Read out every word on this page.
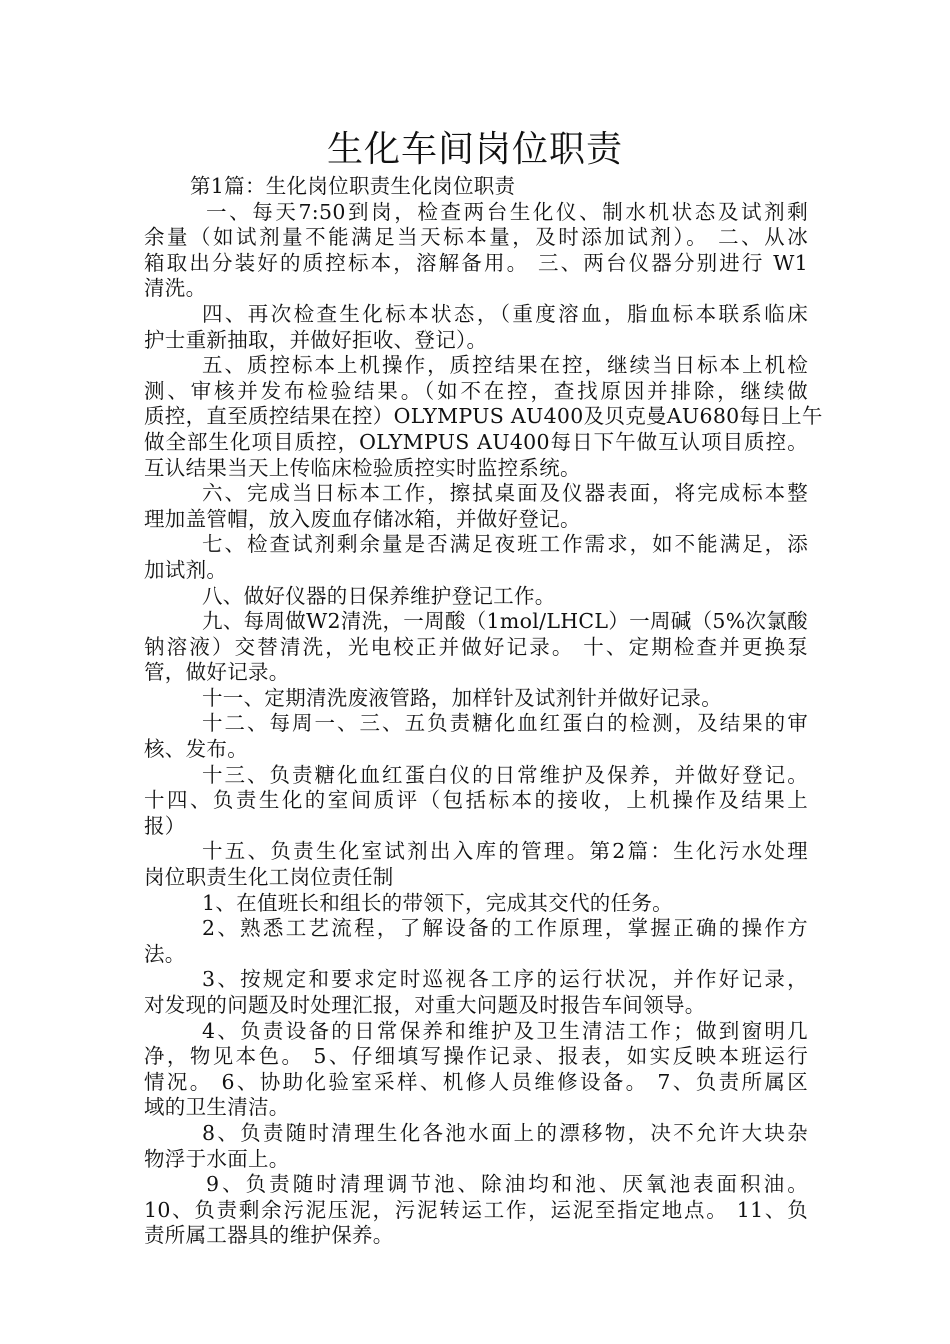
生化车间岗位职责
第1篇：生化岗位职责生化岗位职责
一、每天7:50到岗，检查两台生化仪、制水机状态及试剂剩
余量（如试剂量不能满足当天标本量，及时添加试剂）。 二、从冰
箱取出分装好的质控标本，溶解备用。 三、两台仪器分别进行 W1
清洗。
四、再次检查生化标本状态，（重度溶血，脂血标本联系临床
护士重新抽取，并做好拒收、登记）。
五、质控标本上机操作，质控结果在控，继续当日标本上机检
测、审核并发布检验结果。（如不在控，查找原因并排除，继续做
质控，直至质控结果在控）OLYMPUS AU400及贝克曼AU680每日上午
做全部生化项目质控，OLYMPUS AU400每日下午做互认项目质控。
互认结果当天上传临床检验质控实时监控系统。
六、完成当日标本工作，擦拭桌面及仪器表面，将完成标本整
理加盖管帽，放入废血存储冰箱，并做好登记。
七、检查试剂剩余量是否满足夜班工作需求，如不能满足，添
加试剂。
八、做好仪器的日保养维护登记工作。
九、每周做W2清洗，一周酸（1mol/LHCL）一周碱（5%次氯酸
钠溶液）交替清洗，光电校正并做好记录。 十、定期检查并更换泵
管，做好记录。
十一、定期清洗废液管路，加样针及试剂针并做好记录。
十二、每周一、三、五负责糖化血红蛋白的检测，及结果的审
核、发布。
十三、负责糖化血红蛋白仪的日常维护及保养，并做好登记。
十四、负责生化的室间质评（包括标本的接收，上机操作及结果上
报）
十五、负责生化室试剂出入库的管理。第2篇：生化污水处理
岗位职责生化工岗位责任制
1、在值班长和组长的带领下，完成其交代的任务。
2、熟悉工艺流程，了解设备的工作原理，掌握正确的操作方
法。
3、按规定和要求定时巡视各工序的运行状况，并作好记录，
对发现的问题及时处理汇报，对重大问题及时报告车间领导。
4、负责设备的日常保养和维护及卫生清洁工作；做到窗明几
净，物见本色。 5、仔细填写操作记录、报表，如实反映本班运行
情况。 6、协助化验室采样、机修人员维修设备。 7、负责所属区
域的卫生清洁。
8、负责随时清理生化各池水面上的漂移物，决不允许大块杂
物浮于水面上。
9、负责随时清理调节池、除油均和池、厌氧池表面积油。
10、负责剩余污泥压泥，污泥转运工作，运泥至指定地点。 11、负
责所属工器具的维护保养。
